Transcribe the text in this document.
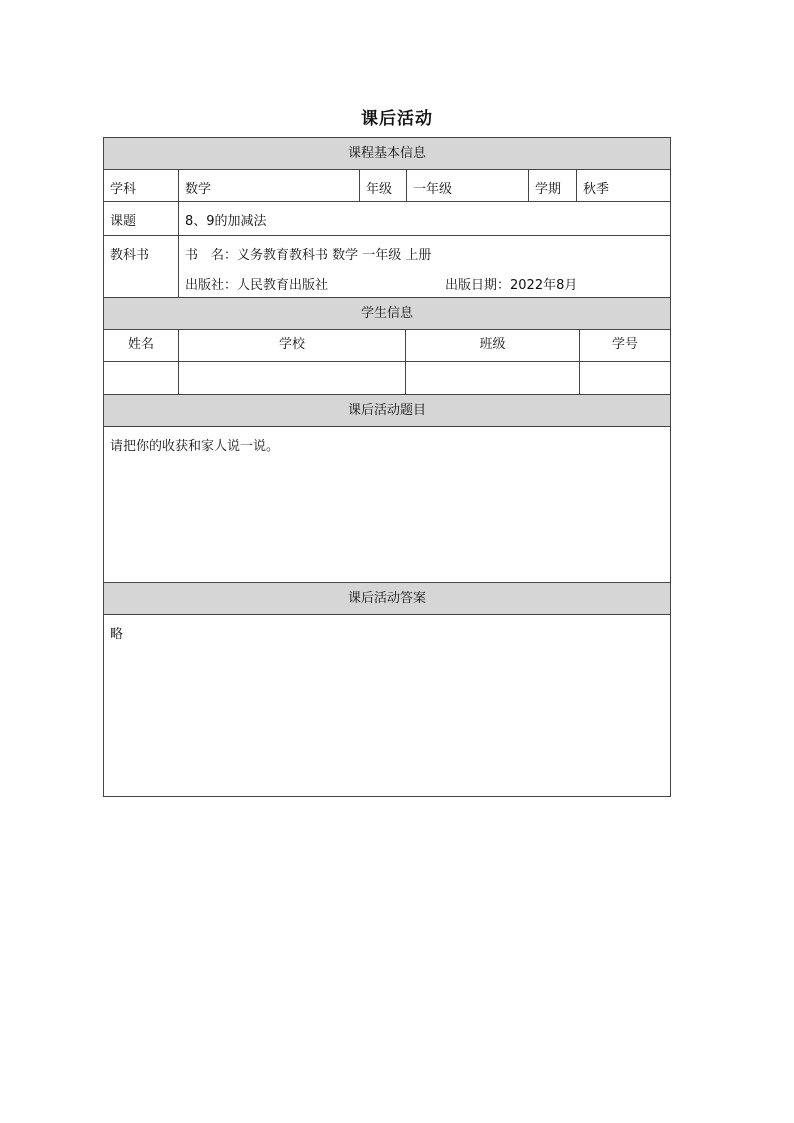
课后活动
课程基本信息
学科	数学	年级 一年级	学期 秋季
课题	8、9的加减法
教科书	书　名：义务教育教科书 数学 一年级 上册
出版社：人民教育出版社	出版日期：2022年8月
学生信息
姓名	学校	班级	学号
课后活动题目
请把你的收获和家人说一说。
课后活动答案
略
